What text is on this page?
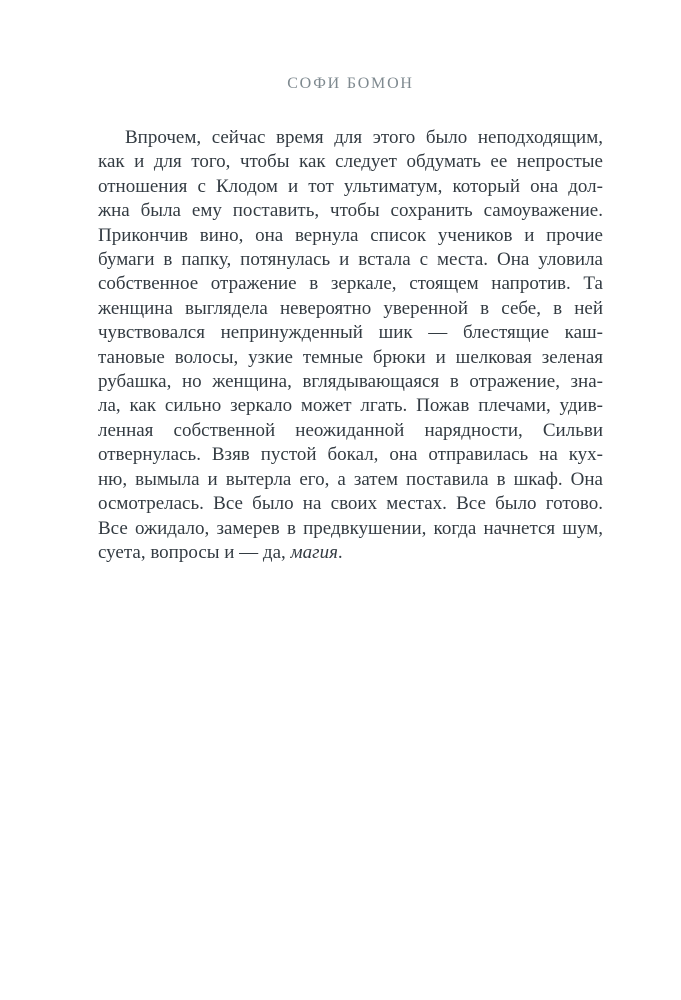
СОФИ БОМОН
Впрочем, сейчас время для этого было неподходящим,
как и для того, чтобы как следует обдумать ее непростые
отношения с Клодом и тот ультиматум, который она дол-
жна была ему поставить, чтобы сохранить самоуважение.
Прикончив вино, она вернула список учеников и прочие
бумаги в папку, потянулась и встала с места. Она уловила
собственное отражение в зеркале, стоящем напротив. Та
женщина выглядела невероятно уверенной в себе, в ней
чувствовался непринужденный шик — блестящие каш-
тановые волосы, узкие темные брюки и шелковая зеленая
рубашка, но женщина, вглядывающаяся в отражение, зна-
ла, как сильно зеркало может лгать. Пожав плечами, удив-
ленная собственной неожиданной нарядности, Сильви
отвернулась. Взяв пустой бокал, она отправилась на кух-
ню, вымыла и вытерла его, а затем поставила в шкаф. Она
осмотрелась. Все было на своих местах. Все было готово.
Все ожидало, замерев в предвкушении, когда начнется шум,
суета, вопросы и — да, магия.
